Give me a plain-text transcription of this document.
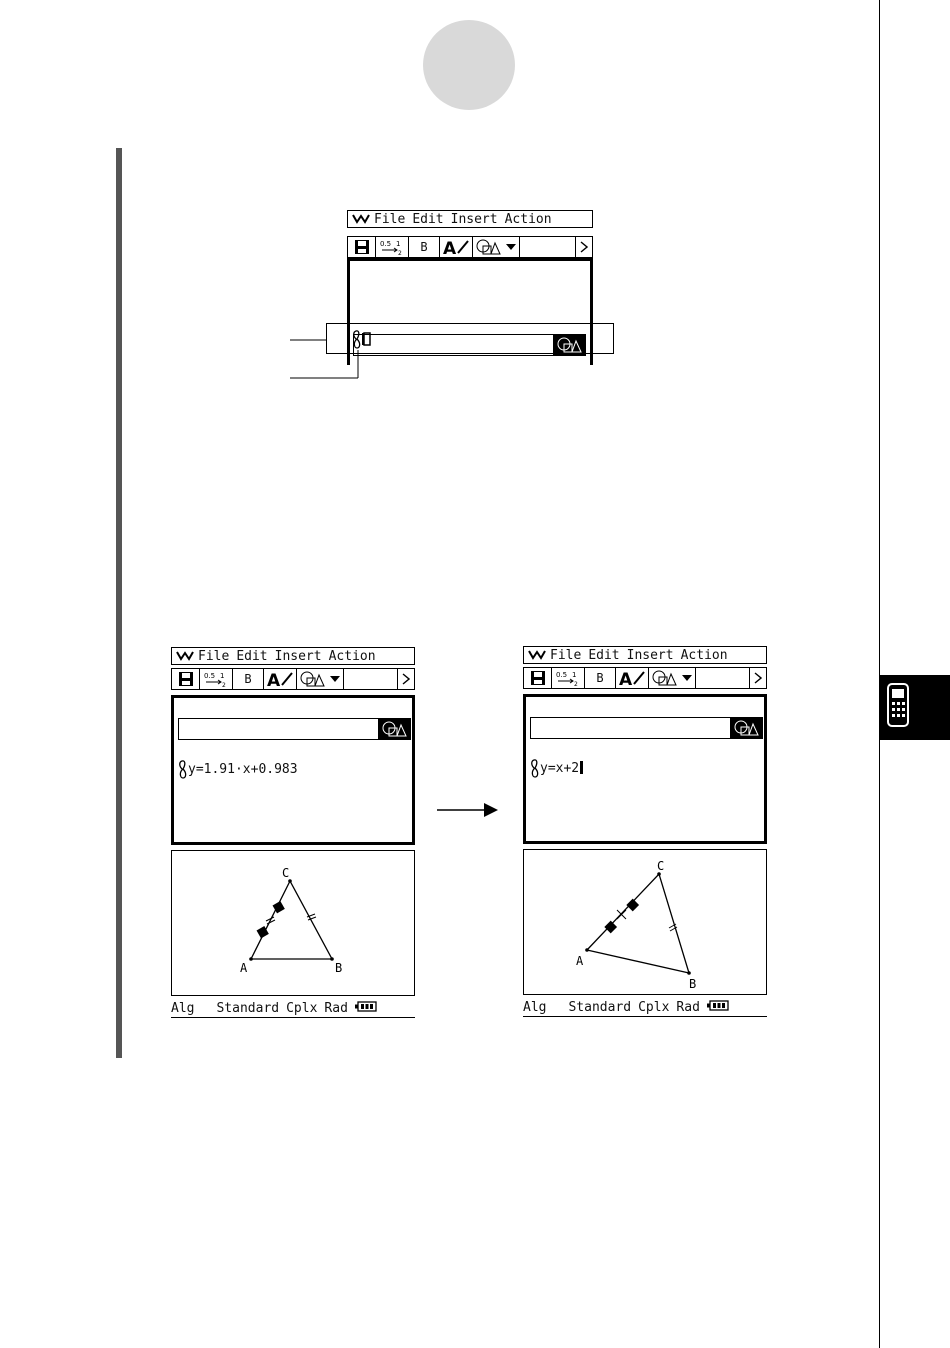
File Edit Insert Action
0.5 1
2	B A
File Edit Insert Action
0.5 1
2	B A
y=1.91·x+0.983
A	B
C
Alg Standard Cplx Rad
File Edit Insert Action
0.5 1
2	B A
y=x+2
A
B
C
Alg Standard Cplx Rad
